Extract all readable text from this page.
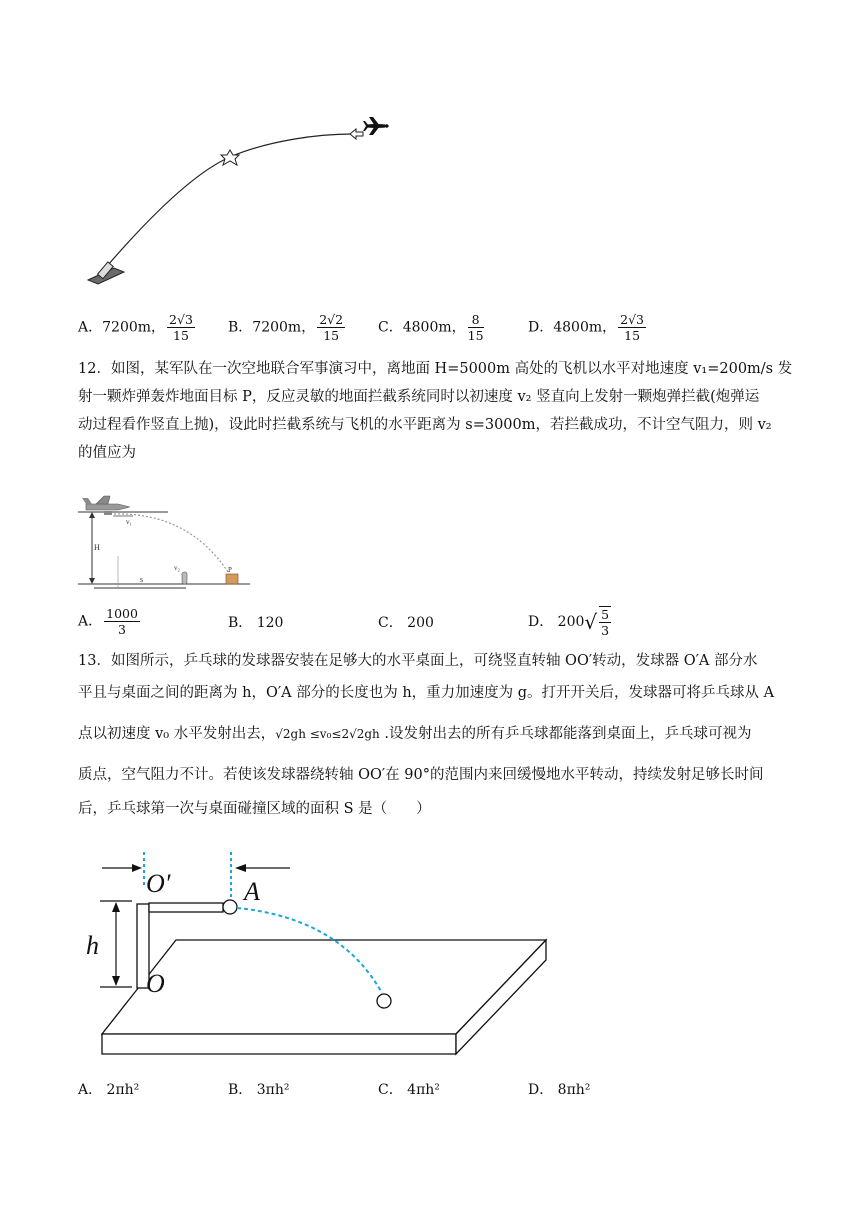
A．7200m， $\frac{2√3}{15}$ B．7200m， $\frac{2√2}{15}$ C．4800m， $\frac{8}{15}$	D．4800m， $\frac{2√3}{15}$
12．如图，某军队在一次空地联合军事演习中，离地面 H=5000m 高处的飞机以水平对地速度 v₁=200m/s 发
射一颗炸弹轰炸地面目标 P，反应灵敏的地面拦截系统同时以初速度 v₂ 竖直向上发射一颗炮弹拦截(炮弹运
动过程看作竖直上抛)，设此时拦截系统与飞机的水平距离为 s=3000m，若拦截成功，不计空气阻力，则 v₂
的值应为
v₁
H
s
v₂	P
A． $\frac{1000}{3}$	B． 120	C． 200	D． $200√ \frac{5}{3}$
13．如图所示，乒乓球的发球器安装在足够大的水平桌面上，可绕竖直转轴 OO′转动，发球器 O′A 部分水
平且与桌面之间的距离为 h，O′A 部分的长度也为 h，重力加速度为 g。打开开关后，发球器可将乒乓球从 A
点以初速度 v₀ 水平发射出去，√2gh ≤v₀≤2√2gh .设发射出去的所有乒乓球都能落到桌面上，乒乓球可视为
质点，空气阻力不计。若使该发球器绕转轴 OO′在 90°的范围内来回缓慢地水平转动，持续发射足够长时间
后，乒乓球第一次与桌面碰撞区域的面积 S 是（　　）
O′	A
h
O
A． 2πh²	B． 3πh²	C． 4πh²	D． 8πh²
